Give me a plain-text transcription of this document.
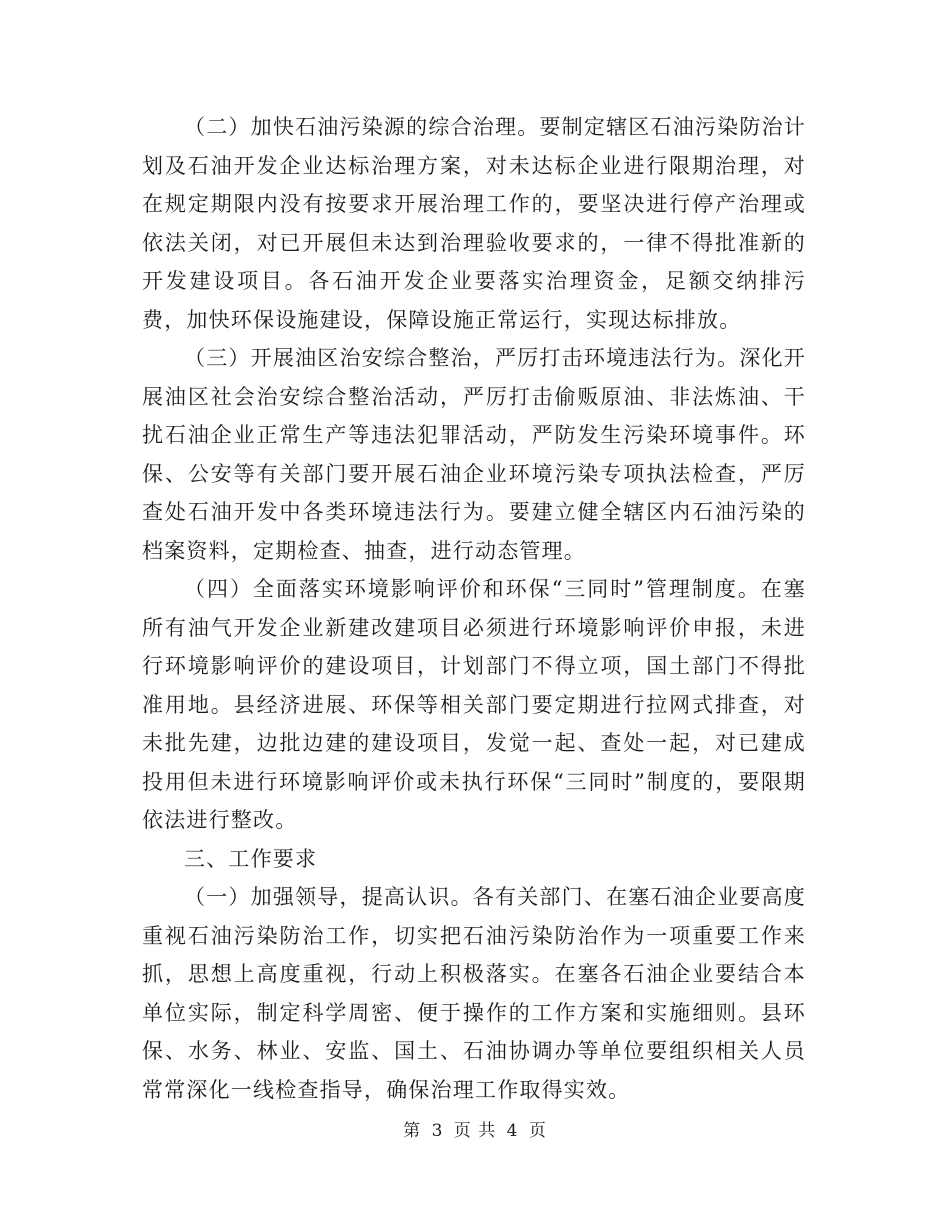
（二）加快石油污染源的综合治理。要制定辖区石油污染防治计划及石油开发企业达标治理方案，对未达标企业进行限期治理，对在规定期限内没有按要求开展治理工作的，要坚决进行停产治理或依法关闭，对已开展但未达到治理验收要求的，一律不得批准新的开发建设项目。各石油开发企业要落实治理资金，足额交纳排污费，加快环保设施建设，保障设施正常运行，实现达标排放。

（三）开展油区治安综合整治，严厉打击环境违法行为。深化开展油区社会治安综合整治活动，严厉打击偷贩原油、非法炼油、干扰石油企业正常生产等违法犯罪活动，严防发生污染环境事件。环保、公安等有关部门要开展石油企业环境污染专项执法检查，严厉查处石油开发中各类环境违法行为。要建立健全辖区内石油污染的档案资料，定期检查、抽查，进行动态管理。

（四）全面落实环境影响评价和环保“三同时”管理制度。在塞所有油气开发企业新建改建项目必须进行环境影响评价申报，未进行环境影响评价的建设项目，计划部门不得立项，国土部门不得批准用地。县经济进展、环保等相关部门要定期进行拉网式排查，对未批先建，边批边建的建设项目，发觉一起、查处一起，对已建成投用但未进行环境影响评价或未执行环保“三同时”制度的，要限期依法进行整改。

三、工作要求

（一）加强领导，提高认识。各有关部门、在塞石油企业要高度重视石油污染防治工作，切实把石油污染防治作为一项重要工作来抓，思想上高度重视，行动上积极落实。在塞各石油企业要结合本单位实际，制定科学周密、便于操作的工作方案和实施细则。县环保、水务、林业、安监、国土、石油协调办等单位要组织相关人员常常深化一线检查指导，确保治理工作取得实效。

第 3 页 共 4 页
